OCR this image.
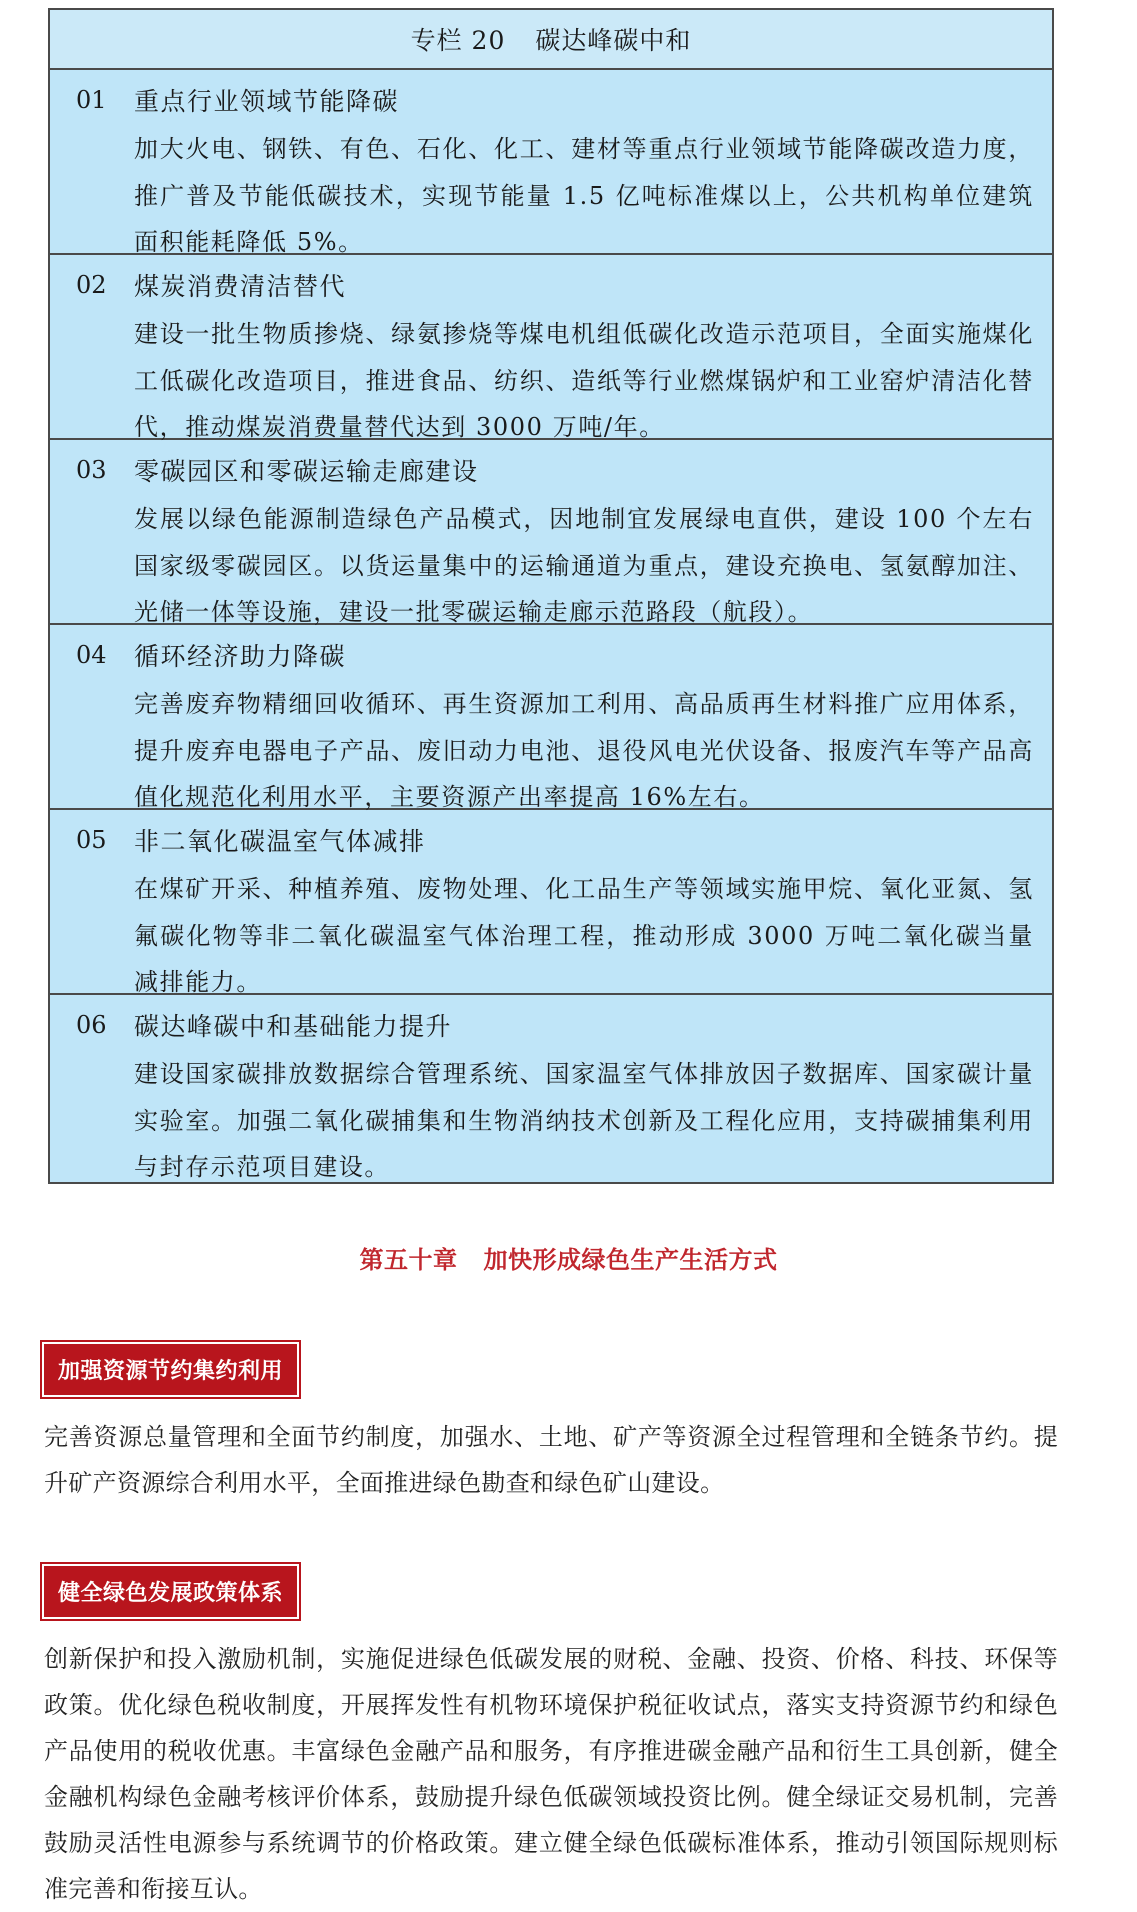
专栏 20 碳达峰碳中和
01 重点行业领域节能降碳
加大火电、钢铁、有色、石化、化工、建材等重点行业领域节能降碳改造力度，推广普及节能低碳技术，实现节能量 1.5 亿吨标准煤以上，公共机构单位建筑面积能耗降低 5%。
02 煤炭消费清洁替代
建设一批生物质掺烧、绿氨掺烧等煤电机组低碳化改造示范项目，全面实施煤化工低碳化改造项目，推进食品、纺织、造纸等行业燃煤锅炉和工业窑炉清洁化替代，推动煤炭消费量替代达到 3000 万吨/年。
03 零碳园区和零碳运输走廊建设
发展以绿色能源制造绿色产品模式，因地制宜发展绿电直供，建设 100 个左右国家级零碳园区。以货运量集中的运输通道为重点，建设充换电、氢氨醇加注、光储一体等设施，建设一批零碳运输走廊示范路段（航段）。
04 循环经济助力降碳
完善废弃物精细回收循环、再生资源加工利用、高品质再生材料推广应用体系，提升废弃电器电子产品、废旧动力电池、退役风电光伏设备、报废汽车等产品高值化规范化利用水平，主要资源产出率提高 16%左右。
05 非二氧化碳温室气体减排
在煤矿开采、种植养殖、废物处理、化工品生产等领域实施甲烷、氧化亚氮、氢氟碳化物等非二氧化碳温室气体治理工程，推动形成 3000 万吨二氧化碳当量减排能力。
06 碳达峰碳中和基础能力提升
建设国家碳排放数据综合管理系统、国家温室气体排放因子数据库、国家碳计量实验室。加强二氧化碳捕集和生物消纳技术创新及工程化应用，支持碳捕集利用与封存示范项目建设。
第五十章 加快形成绿色生产生活方式
加强资源节约集约利用
完善资源总量管理和全面节约制度，加强水、土地、矿产等资源全过程管理和全链条节约。提升矿产资源综合利用水平，全面推进绿色勘查和绿色矿山建设。
健全绿色发展政策体系
创新保护和投入激励机制，实施促进绿色低碳发展的财税、金融、投资、价格、科技、环保等政策。优化绿色税收制度，开展挥发性有机物环境保护税征收试点，落实支持资源节约和绿色产品使用的税收优惠。丰富绿色金融产品和服务，有序推进碳金融产品和衍生工具创新，健全金融机构绿色金融考核评价体系，鼓励提升绿色低碳领域投资比例。健全绿证交易机制，完善鼓励灵活性电源参与系统调节的价格政策。建立健全绿色低碳标准体系，推动引领国际规则标准完善和衔接互认。
